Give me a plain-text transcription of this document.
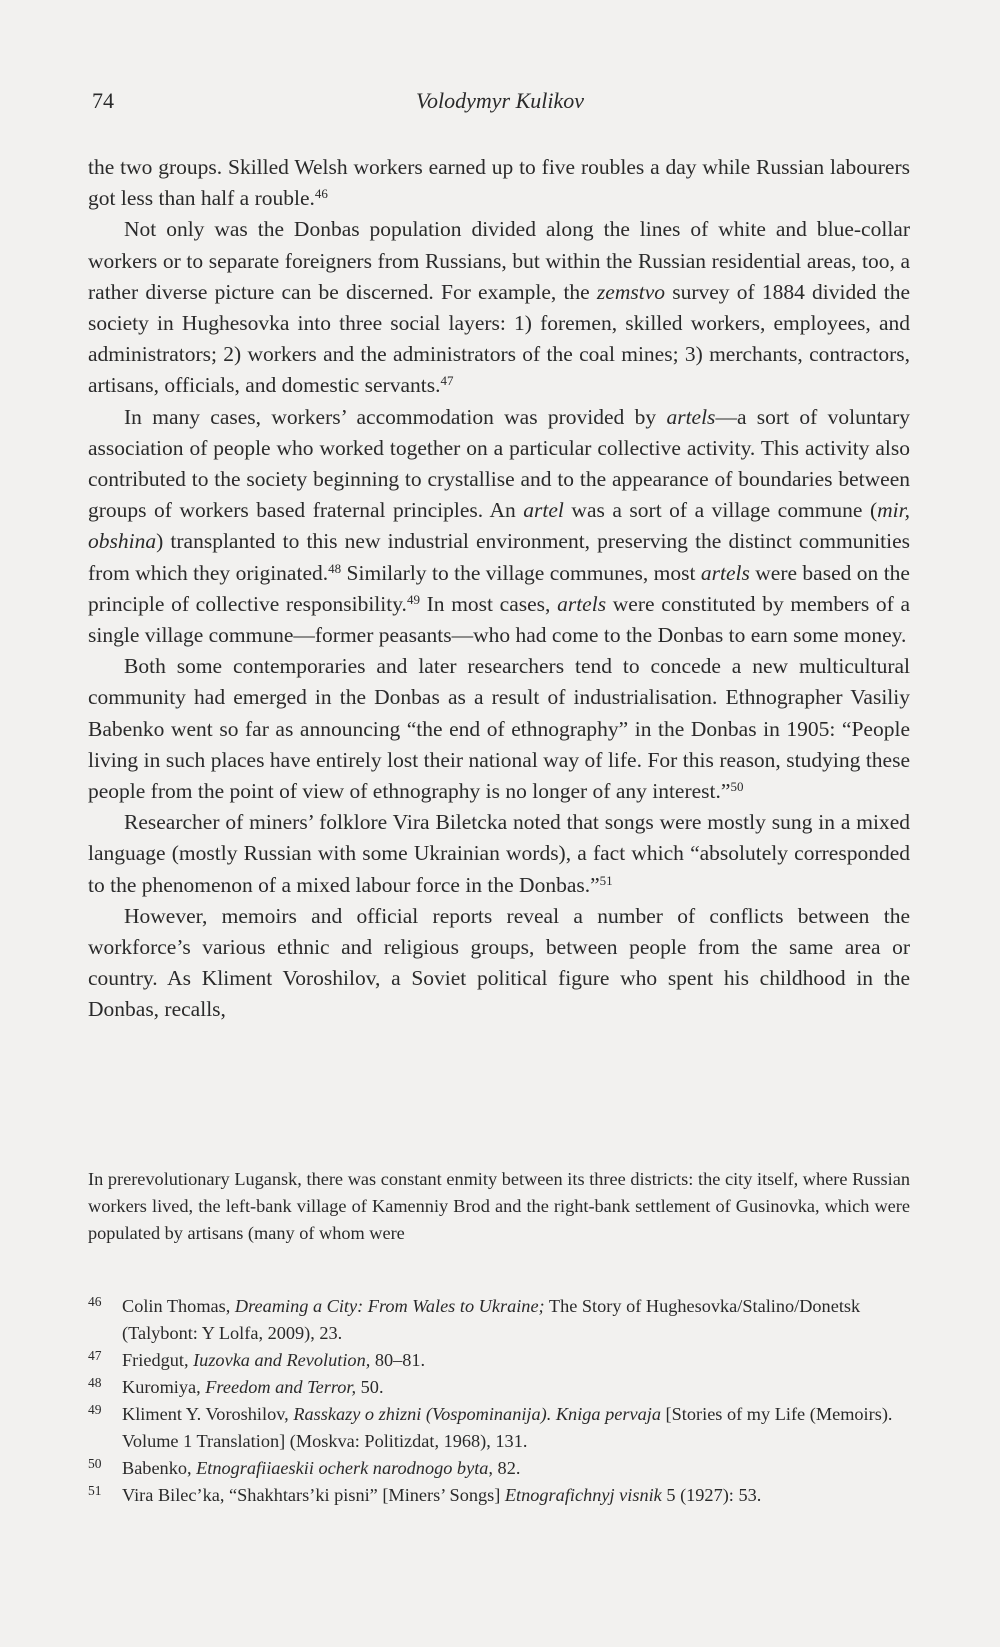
74	Volodymyr Kulikov

the two groups. Skilled Welsh workers earned up to five roubles a day while Russian labourers got less than half a rouble.$^{46}$

Not only was the Donbas population divided along the lines of white and blue-collar workers or to separate foreigners from Russians, but within the Russian residential areas, too, a rather diverse picture can be discerned. For example, the zemstvo survey of 1884 divided the society in Hughesovka into three social layers: 1) foremen, skilled workers, employees, and administrators; 2) workers and the administrators of the coal mines; 3) merchants, contractors, artisans, officials, and domestic servants.$^{47}$

In many cases, workers’ accommodation was provided by artels—a sort of voluntary association of people who worked together on a particular collective activity. This activity also contributed to the society beginning to crystallise and to the appearance of boundaries between groups of workers based fraternal principles. An artel was a sort of a village commune (mir, obshina) transplanted to this new industrial environment, preserving the distinct communities from which they originated.$^{48}$ Similarly to the village communes, most artels were based on the principle of collective responsibility.$^{49}$ In most cases, artels were constituted by members of a single village commune—former peasants—who had come to the Donbas to earn some money.

Both some contemporaries and later researchers tend to concede a new multicultural community had emerged in the Donbas as a result of industrialisation. Ethnographer Vasiliy Babenko went so far as announcing “the end of ethnography” in the Donbas in 1905: “People living in such places have entirely lost their national way of life. For this reason, studying these people from the point of view of ethnography is no longer of any interest.”$^{50}$

Researcher of miners’ folklore Vira Biletcka noted that songs were mostly sung in a mixed language (mostly Russian with some Ukrainian words), a fact which “absolutely corresponded to the phenomenon of a mixed labour force in the Donbas.”$^{51}$

However, memoirs and official reports reveal a number of conflicts between the workforce’s various ethnic and religious groups, between people from the same area or country. As Kliment Voroshilov, a Soviet political figure who spent his childhood in the Donbas, recalls,

In prerevolutionary Lugansk, there was constant enmity between its three districts: the city itself, where Russian workers lived, the left-bank village of Kamenniy Brod and the right-bank settlement of Gusinovka, which were populated by artisans (many of whom were
46 Colin Thomas, Dreaming a City: From Wales to Ukraine; The Story of Hughesovka/Stalino/Donetsk (Talybont: Y Lolfa, 2009), 23.
47 Friedgut, Iuzovka and Revolution, 80–81.
48 Kuromiya, Freedom and Terror, 50.
49 Kliment Y. Voroshilov, Rasskazy o zhizni (Vospominanija). Kniga pervaja [Stories of my Life (Memoirs). Volume 1 Translation] (Moskva: Politizdat, 1968), 131.
50 Babenko, Etnografiiaeskii ocherk narodnogo byta, 82.
51 Vira Bilec’ka, “Shakhtars’ki pisni” [Miners’ Songs] Etnografichnyj visnik 5 (1927): 53.
